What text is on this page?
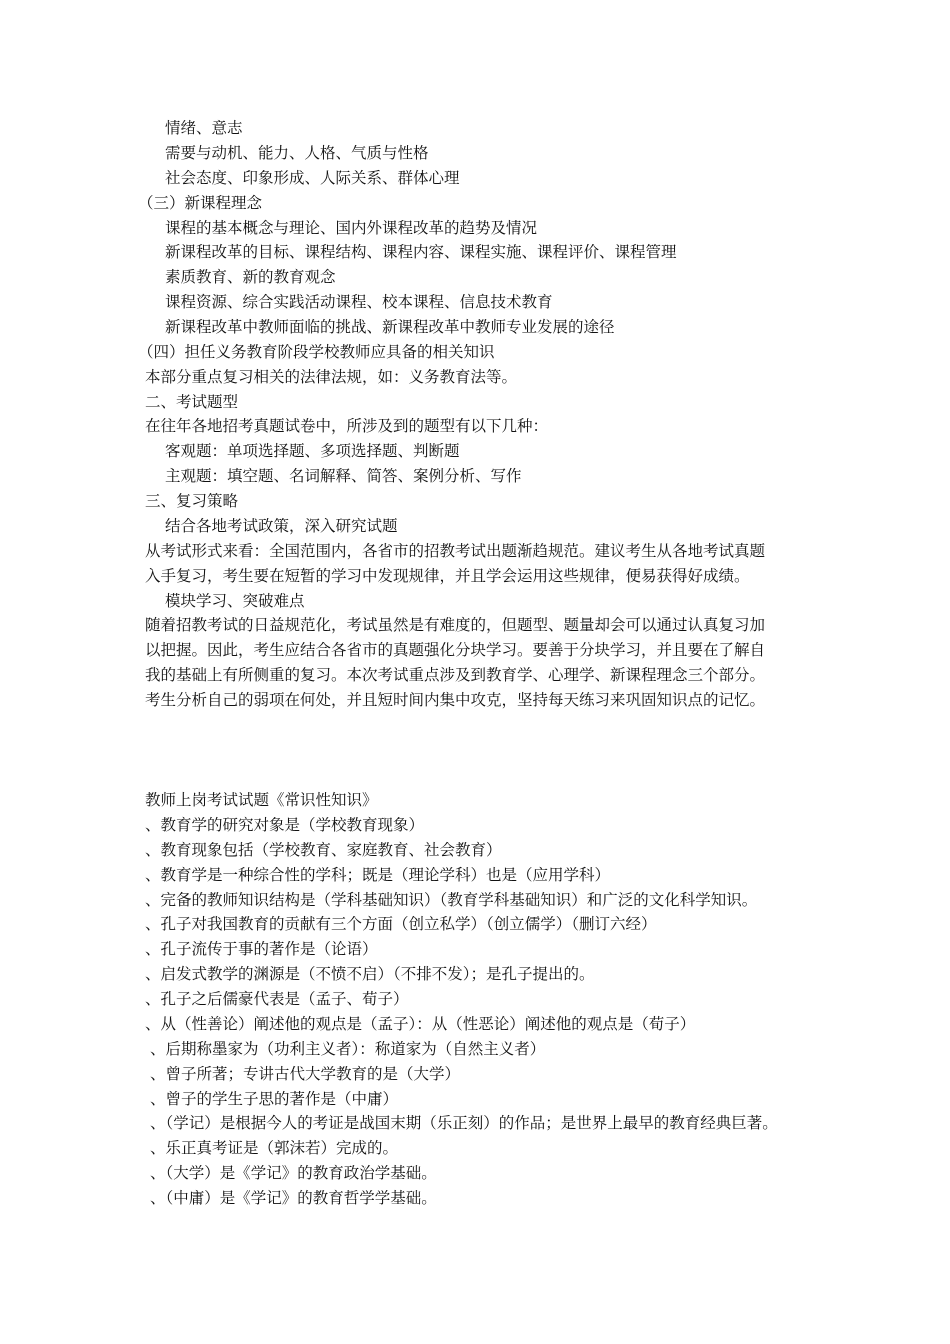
情绪、意志
需要与动机、能力、人格、气质与性格
社会态度、印象形成、人际关系、群体心理
（三）新课程理念
课程的基本概念与理论、国内外课程改革的趋势及情况
新课程改革的目标、课程结构、课程内容、课程实施、课程评价、课程管理
素质教育、新的教育观念
课程资源、综合实践活动课程、校本课程、信息技术教育
新课程改革中教师面临的挑战、新课程改革中教师专业发展的途径
（四）担任义务教育阶段学校教师应具备的相关知识
本部分重点复习相关的法律法规，如：义务教育法等。
二、考试题型
在往年各地招考真题试卷中，所涉及到的题型有以下几种：
客观题：单项选择题、多项选择题、判断题
主观题：填空题、名词解释、简答、案例分析、写作
三、复习策略
结合各地考试政策，深入研究试题
从考试形式来看：全国范围内，各省市的招教考试出题渐趋规范。建议考生从各地考试真题
入手复习，考生要在短暂的学习中发现规律，并且学会运用这些规律，便易获得好成绩。
模块学习、突破难点
随着招教考试的日益规范化，考试虽然是有难度的，但题型、题量却会可以通过认真复习加
以把握。因此，考生应结合各省市的真题强化分块学习。要善于分块学习，并且要在了解自
我的基础上有所侧重的复习。本次考试重点涉及到教育学、心理学、新课程理念三个部分。
考生分析自己的弱项在何处，并且短时间内集中攻克，坚持每天练习来巩固知识点的记忆。
教师上岗考试试题《常识性知识》
、教育学的研究对象是（学校教育现象）
、教育现象包括（学校教育、家庭教育、社会教育）
、教育学是一种综合性的学科；既是（理论学科）也是（应用学科）
、完备的教师知识结构是（学科基础知识）（教育学科基础知识）和广泛的文化科学知识。
、孔子对我国教育的贡献有三个方面（创立私学）（创立儒学）（删订六经）
、孔子流传于事的著作是（论语）
、启发式教学的渊源是（不愤不启）（不排不发）；是孔子提出的。
、孔子之后儒豪代表是（孟子、荀子）
、从（性善论）阐述他的观点是（孟子）：从（性恶论）阐述他的观点是（荀子）
、后期称墨家为（功利主义者）：称道家为（自然主义者）
、曾子所著；专讲古代大学教育的是（大学）
、曾子的学生子思的著作是（中庸）
、（学记）是根据今人的考证是战国末期（乐正刻）的作品；是世界上最早的教育经典巨著。
、乐正真考证是（郭沫若）完成的。
、（大学）是《学记》的教育政治学基础。
、（中庸）是《学记》的教育哲学学基础。
